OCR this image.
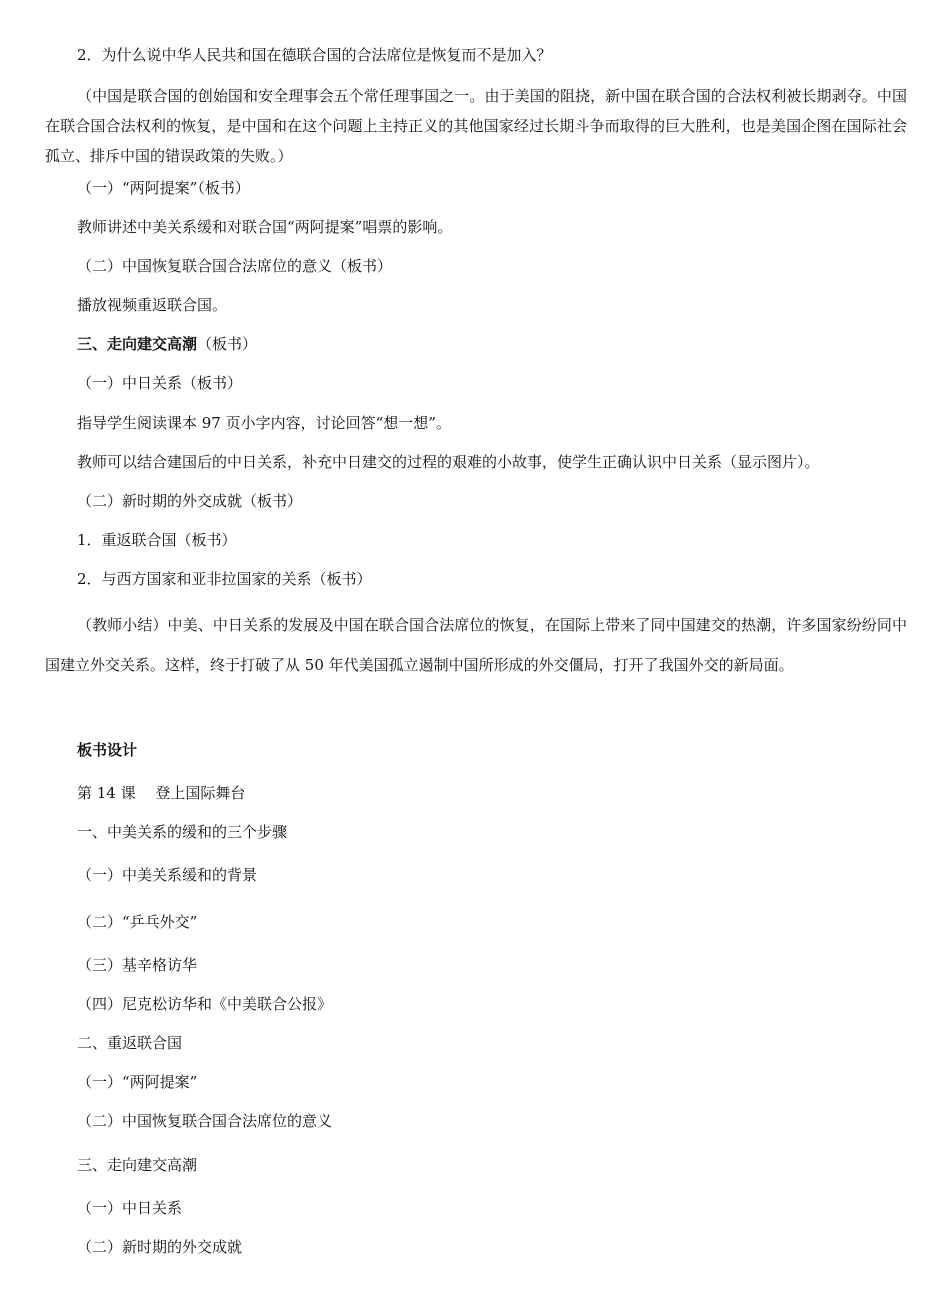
2．为什么说中华人民共和国在德联合国的合法席位是恢复而不是加入？
（中国是联合国的创始国和安全理事会五个常任理事国之一。由于美国的阻挠，新中国在联合国的合法权利被长期剥夺。中国在联合国合法权利的恢复，是中国和在这个问题上主持正义的其他国家经过长期斗争而取得的巨大胜利，也是美国企图在国际社会孤立、排斥中国的错误政策的失败。）
（一）“两阿提案”（板书）
教师讲述中美关系缓和对联合国“两阿提案”唱票的影响。
（二）中国恢复联合国合法席位的意义（板书）
播放视频重返联合国。
三、走向建交高潮（板书）
（一）中日关系（板书）
指导学生阅读课本 97 页小字内容，讨论回答“想一想”。
教师可以结合建国后的中日关系，补充中日建交的过程的艰难的小故事，使学生正确认识中日关系（显示图片）。
（二）新时期的外交成就（板书）
1．重返联合国（板书）
2．与西方国家和亚非拉国家的关系（板书）
（教师小结）中美、中日关系的发展及中国在联合国合法席位的恢复，在国际上带来了同中国建交的热潮，许多国家纷纷同中国建立外交关系。这样，终于打破了从 50 年代美国孤立遏制中国所形成的外交僵局，打开了我国外交的新局面。
板书设计
第 14 课　 登上国际舞台
一、中美关系的缓和的三个步骤
（一）中美关系缓和的背景
（二）“乒乓外交”
（三）基辛格访华
（四）尼克松访华和《中美联合公报》
二、重返联合国
（一）“两阿提案”
（二）中国恢复联合国合法席位的意义
三、走向建交高潮
（一）中日关系
（二）新时期的外交成就
